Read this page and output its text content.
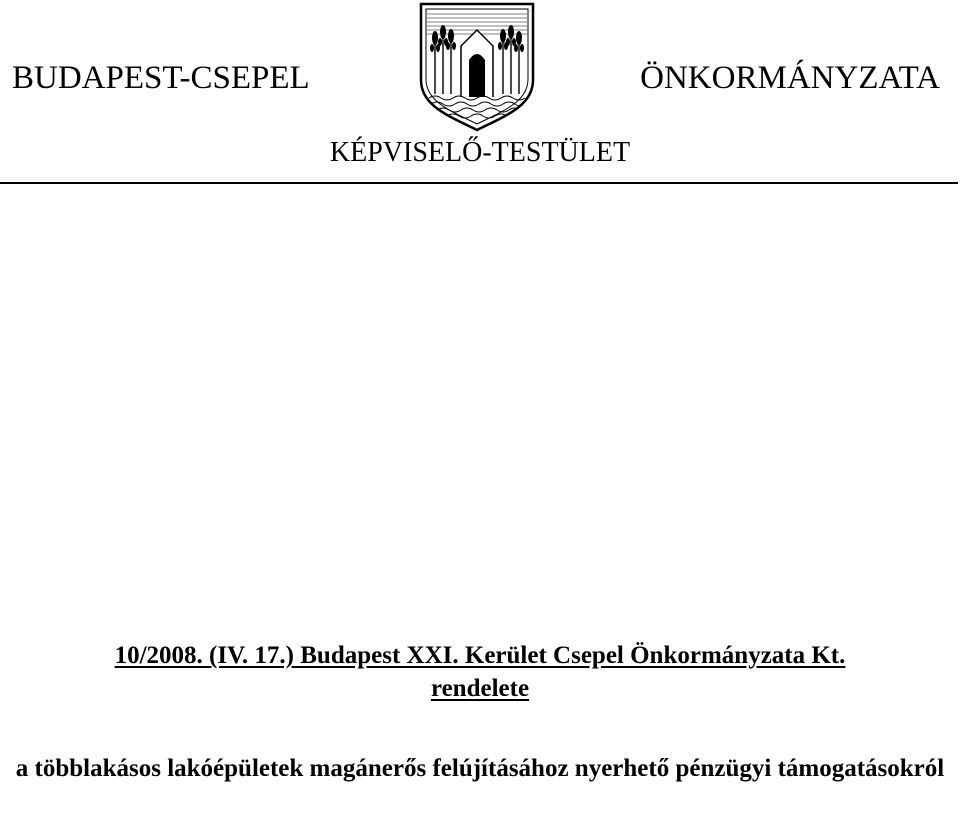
BUDAPEST-CSEPEL	ÖNKORMÁNYZATA
KÉPVISELŐ-TESTÜLET
10/2008. (IV. 17.) Budapest XXI. Kerület Csepel Önkormányzata Kt.
rendelete
a többlakásos lakóépületek magánerős felújításához nyerhető pénzügyi támogatásokról
